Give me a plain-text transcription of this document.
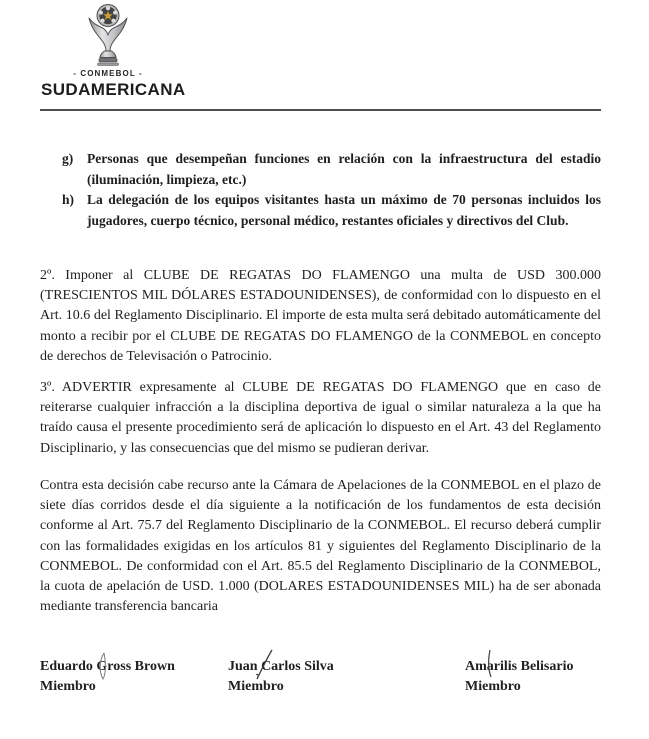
- CONMEBOL -
SUDAMERICANA
g)	Personas que desempeñan funciones en relación con la infraestructura del estadio (iluminación, limpieza, etc.)
h) La delegación de los equipos visitantes hasta un máximo de 70 personas incluidos los jugadores, cuerpo técnico, personal médico, restantes oficiales y directivos del Club.

2º. Imponer al CLUBE DE REGATAS DO FLAMENGO una multa de USD 300.000 (TRESCIENTOS MIL DÓLARES ESTADOUNIDENSES), de conformidad con lo dispuesto en el Art. 10.6 del Reglamento Disciplinario. El importe de esta multa será debitado automáticamente del monto a recibir por el CLUBE DE REGATAS DO FLAMENGO de la CONMEBOL en concepto de derechos de Televisación o Patrocinio.

3º. ADVERTIR expresamente al CLUBE DE REGATAS DO FLAMENGO que en caso de reiterarse cualquier infracción a la disciplina deportiva de igual o similar naturaleza a la que ha traído causa el presente procedimiento será de aplicación lo dispuesto en el Art. 43 del Reglamento Disciplinario, y las consecuencias que del mismo se pudieran derivar.

Contra esta decisión cabe recurso ante la Cámara de Apelaciones de la CONMEBOL en el plazo de siete días corridos desde el día siguiente a la notificación de los fundamentos de esta decisión conforme al Art. 75.7 del Reglamento Disciplinario de la CONMEBOL. El recurso deberá cumplir con las formalidades exigidas en los artículos 81 y siguientes del Reglamento Disciplinario de la CONMEBOL. De conformidad con el Art. 85.5 del Reglamento Disciplinario de la CONMEBOL, la cuota de apelación de USD. 1.000 (DOLARES ESTADOUNIDENSES MIL) ha de ser abonada mediante transferencia bancaria

Eduardo Gross Brown
Miembro
Juan Carlos Silva
Miembro
Amarilis Belisario
Miembro
